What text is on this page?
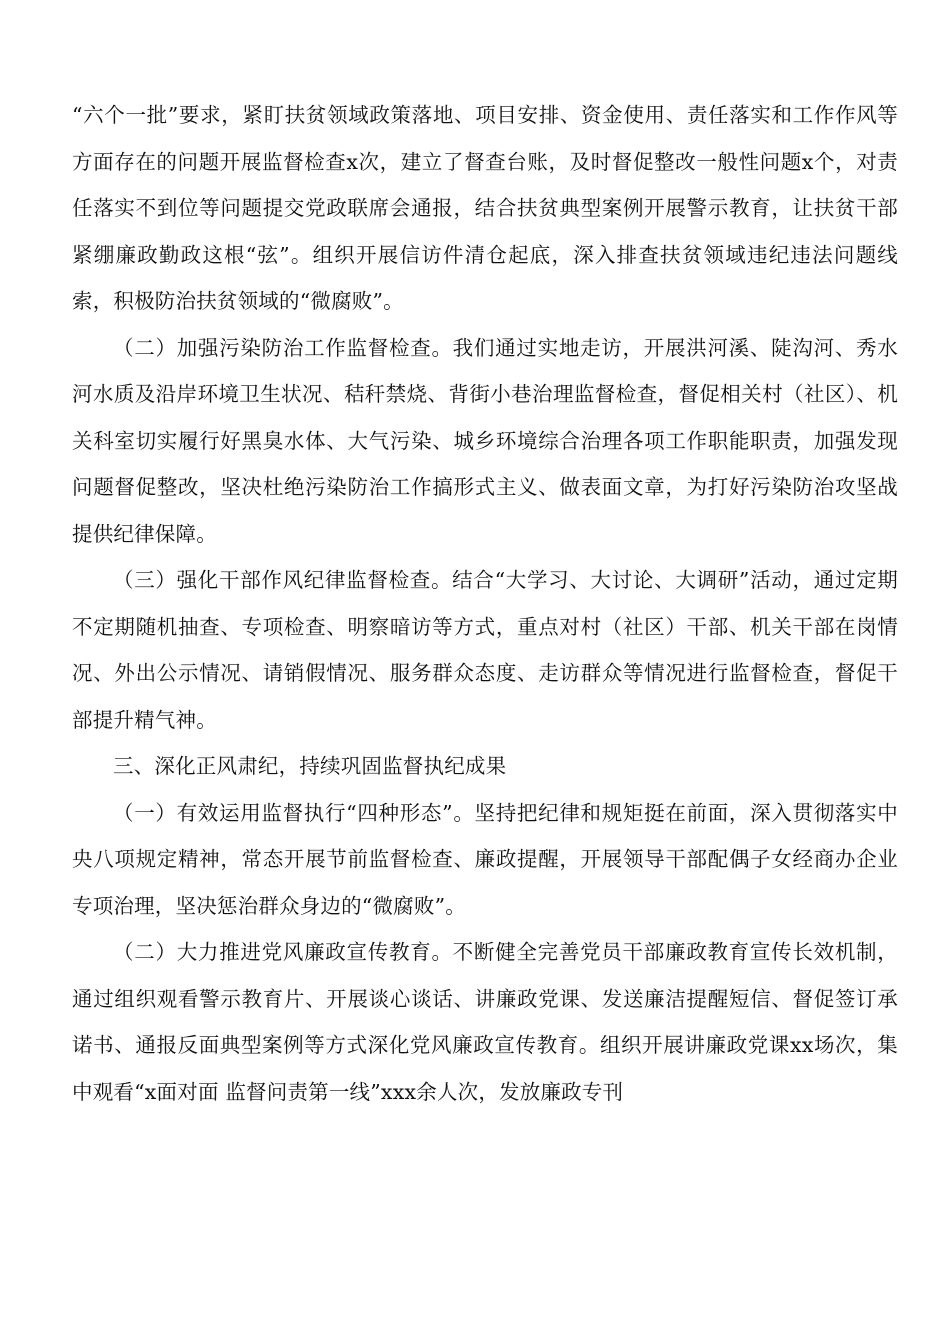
“六个一批”要求，紧盯扶贫领域政策落地、项目安排、资金使用、责任落实和工作作风等方面存在的问题开展监督检查x次，建立了督查台账，及时督促整改一般性问题x个，对责任落实不到位等问题提交党政联席会通报，结合扶贫典型案例开展警示教育，让扶贫干部紧绷廉政勤政这根“弦”。组织开展信访件清仓起底，深入排查扶贫领域违纪违法问题线索，积极防治扶贫领域的“微腐败”。

（二）加强污染防治工作监督检查。我们通过实地走访，开展洪河溪、陡沟河、秀水河水质及沿岸环境卫生状况、秸秆禁烧、背街小巷治理监督检查，督促相关村（社区）、机关科室切实履行好黑臭水体、大气污染、城乡环境综合治理各项工作职能职责，加强发现问题督促整改，坚决杜绝污染防治工作搞形式主义、做表面文章，为打好污染防治攻坚战提供纪律保障。

（三）强化干部作风纪律监督检查。结合“大学习、大讨论、大调研”活动，通过定期不定期随机抽查、专项检查、明察暗访等方式，重点对村（社区）干部、机关干部在岗情况、外出公示情况、请销假情况、服务群众态度、走访群众等情况进行监督检查，督促干部提升精气神。

三、深化正风肃纪，持续巩固监督执纪成果

（一）有效运用监督执行“四种形态”。坚持把纪律和规矩挺在前面，深入贯彻落实中央八项规定精神，常态开展节前监督检查、廉政提醒，开展领导干部配偶子女经商办企业专项治理，坚决惩治群众身边的“微腐败”。

（二）大力推进党风廉政宣传教育。不断健全完善党员干部廉政教育宣传长效机制，通过组织观看警示教育片、开展谈心谈话、讲廉政党课、发送廉洁提醒短信、督促签订承诺书、通报反面典型案例等方式深化党风廉政宣传教育。组织开展讲廉政党课xx场次，集中观看“x面对面 监督问责第一线”xxx余人次，发放廉政专刊
